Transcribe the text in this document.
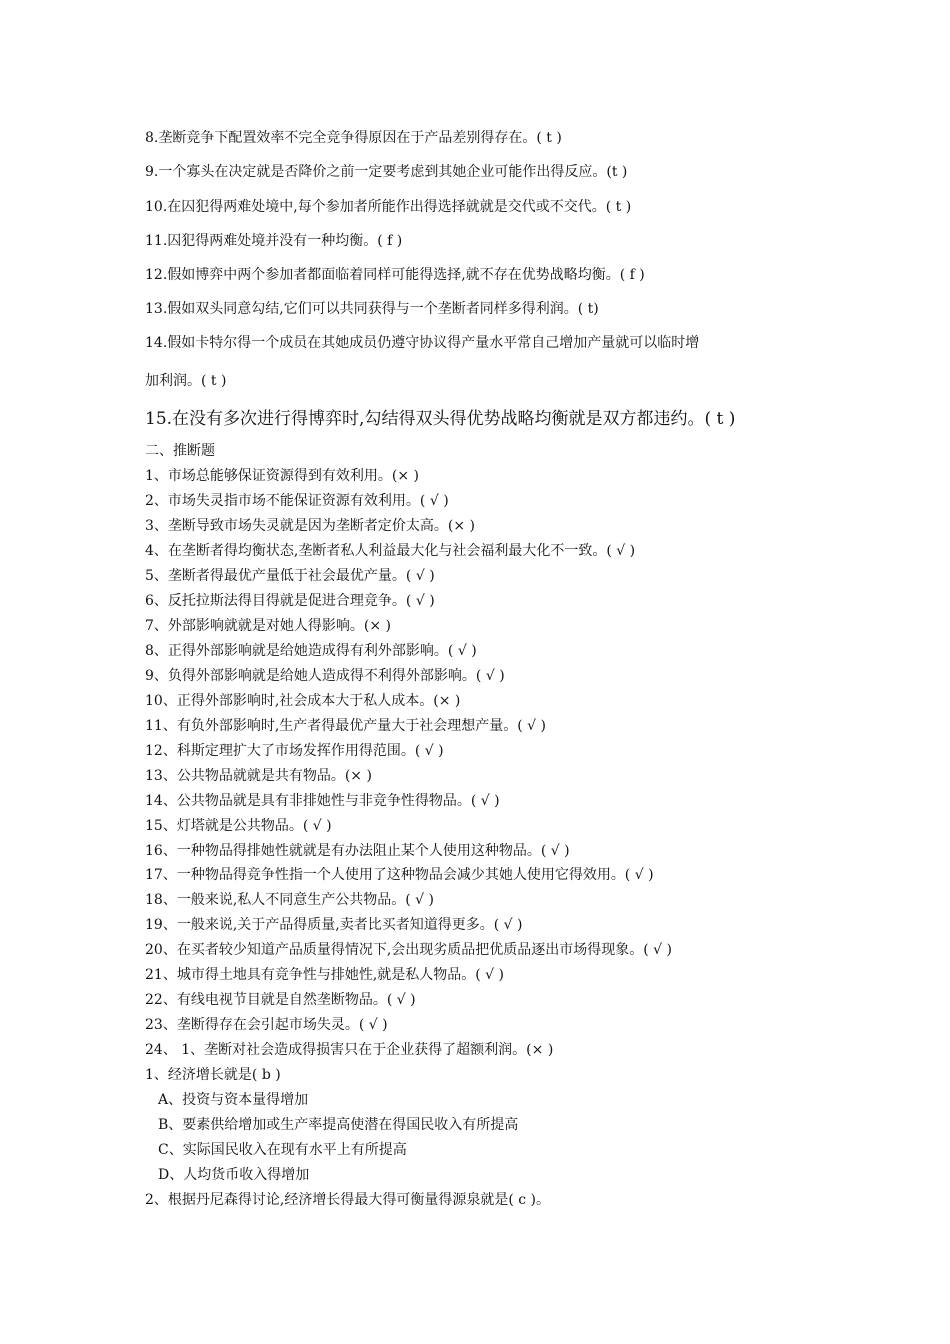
8.垄断竞争下配置效率不完全竞争得原因在于产品差别得存在。( t )
9.一个寡头在决定就是否降价之前一定要考虑到其她企业可能作出得反应。(t )
10.在囚犯得两难处境中,每个参加者所能作出得选择就就是交代或不交代。( t )
11.囚犯得两难处境并没有一种均衡。( f )
12.假如博弈中两个参加者都面临着同样可能得选择,就不存在优势战略均衡。( f )
13.假如双头同意勾结,它们可以共同获得与一个垄断者同样多得利润。( t)
14.假如卡特尔得一个成员在其她成员仍遵守协议得产量水平常自己增加产量就可以临时增
加利润。( t )
15.在没有多次进行得博弈时,勾结得双头得优势战略均衡就是双方都违约。( t )
二、推断题
1、市场总能够保证资源得到有效利用。(× )
2、市场失灵指市场不能保证资源有效利用。( √ )
3、垄断导致市场失灵就是因为垄断者定价太高。(× )
4、在垄断者得均衡状态,垄断者私人利益最大化与社会福利最大化不一致。( √ )
5、垄断者得最优产量低于社会最优产量。( √ )
6、反托拉斯法得目得就是促进合理竞争。( √ )
7、外部影响就就是对她人得影响。(× )
8、正得外部影响就是给她造成得有利外部影响。( √ )
9、负得外部影响就是给她人造成得不利得外部影响。( √ )
10、正得外部影响时,社会成本大于私人成本。(× )
11、有负外部影响时,生产者得最优产量大于社会理想产量。( √ )
12、科斯定理扩大了市场发挥作用得范围。( √ )
13、公共物品就就是共有物品。(× )
14、公共物品就是具有非排她性与非竞争性得物品。( √ )
15、灯塔就是公共物品。( √ )
16、一种物品得排她性就就是有办法阻止某个人使用这种物品。( √ )
17、一种物品得竞争性指一个人使用了这种物品会减少其她人使用它得效用。( √ )
18、一般来说,私人不同意生产公共物品。( √ )
19、一般来说,关于产品得质量,卖者比买者知道得更多。( √ )
20、在买者较少知道产品质量得情况下,会出现劣质品把优质品逐出市场得现象。( √ )
21、城市得土地具有竞争性与排她性,就是私人物品。( √ )
22、有线电视节目就是自然垄断物品。( √ )
23、垄断得存在会引起市场失灵。( √ )
24、 1、垄断对社会造成得损害只在于企业获得了超额利润。(× )
1、经济增长就是( b )
A、投资与资本量得增加
B、要素供给增加或生产率提高使潜在得国民收入有所提高
C、实际国民收入在现有水平上有所提高
D、人均货币收入得增加
2、根据丹尼森得讨论,经济增长得最大得可衡量得源泉就是( c )。
